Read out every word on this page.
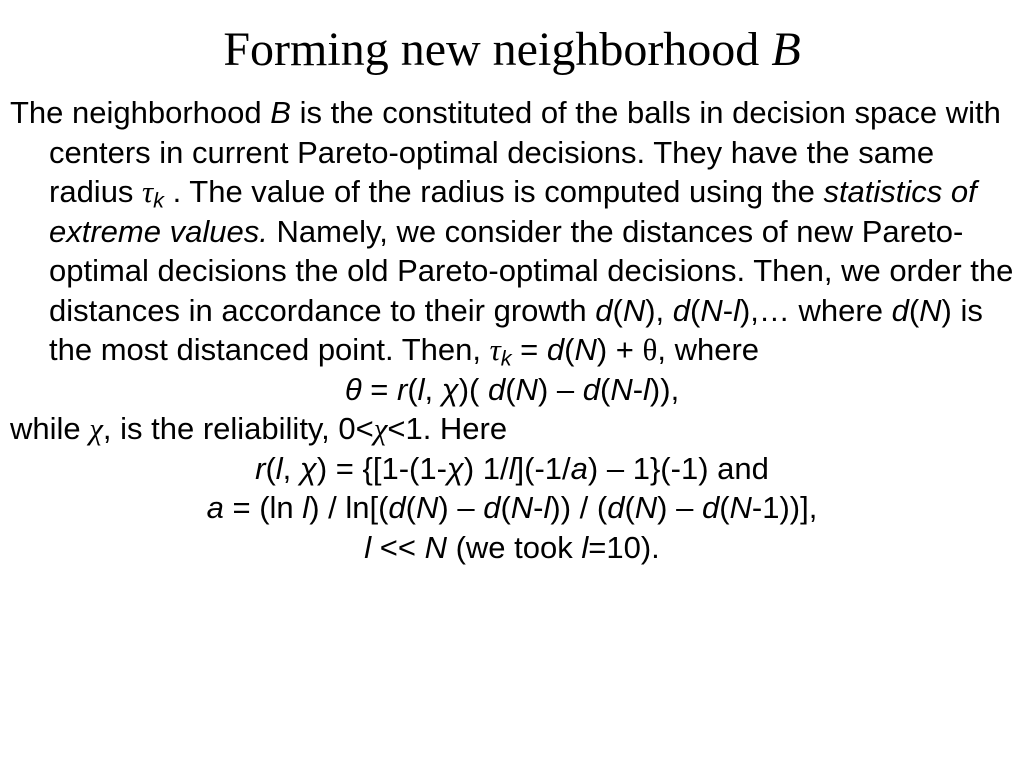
Forming new neighborhood B

The neighborhood B is the constituted of the balls in decision space with centers in current Pareto-optimal decisions. They have the same radius $\tau_k$ . The value of the radius is computed using the statistics of extreme values. Namely, we consider the distances of new Pareto-optimal decisions the old Pareto-optimal decisions. Then, we order the distances in accordance to their growth d(N), d(N-l),… where d(N) is the most distanced point. Then, $\tau_k = d(N) + \theta$, where

θ = r(l, χ)( d(N) – d(N-l)),

while χ, is the reliability, 0<χ<1. Here

r(l, χ) = {[1-(1-χ) 1/l](-1/a) – 1}(-1) and

a = (ln l) / ln[(d(N) – d(N-l)) / (d(N) – d(N-1))],

l << N (we took l=10).
